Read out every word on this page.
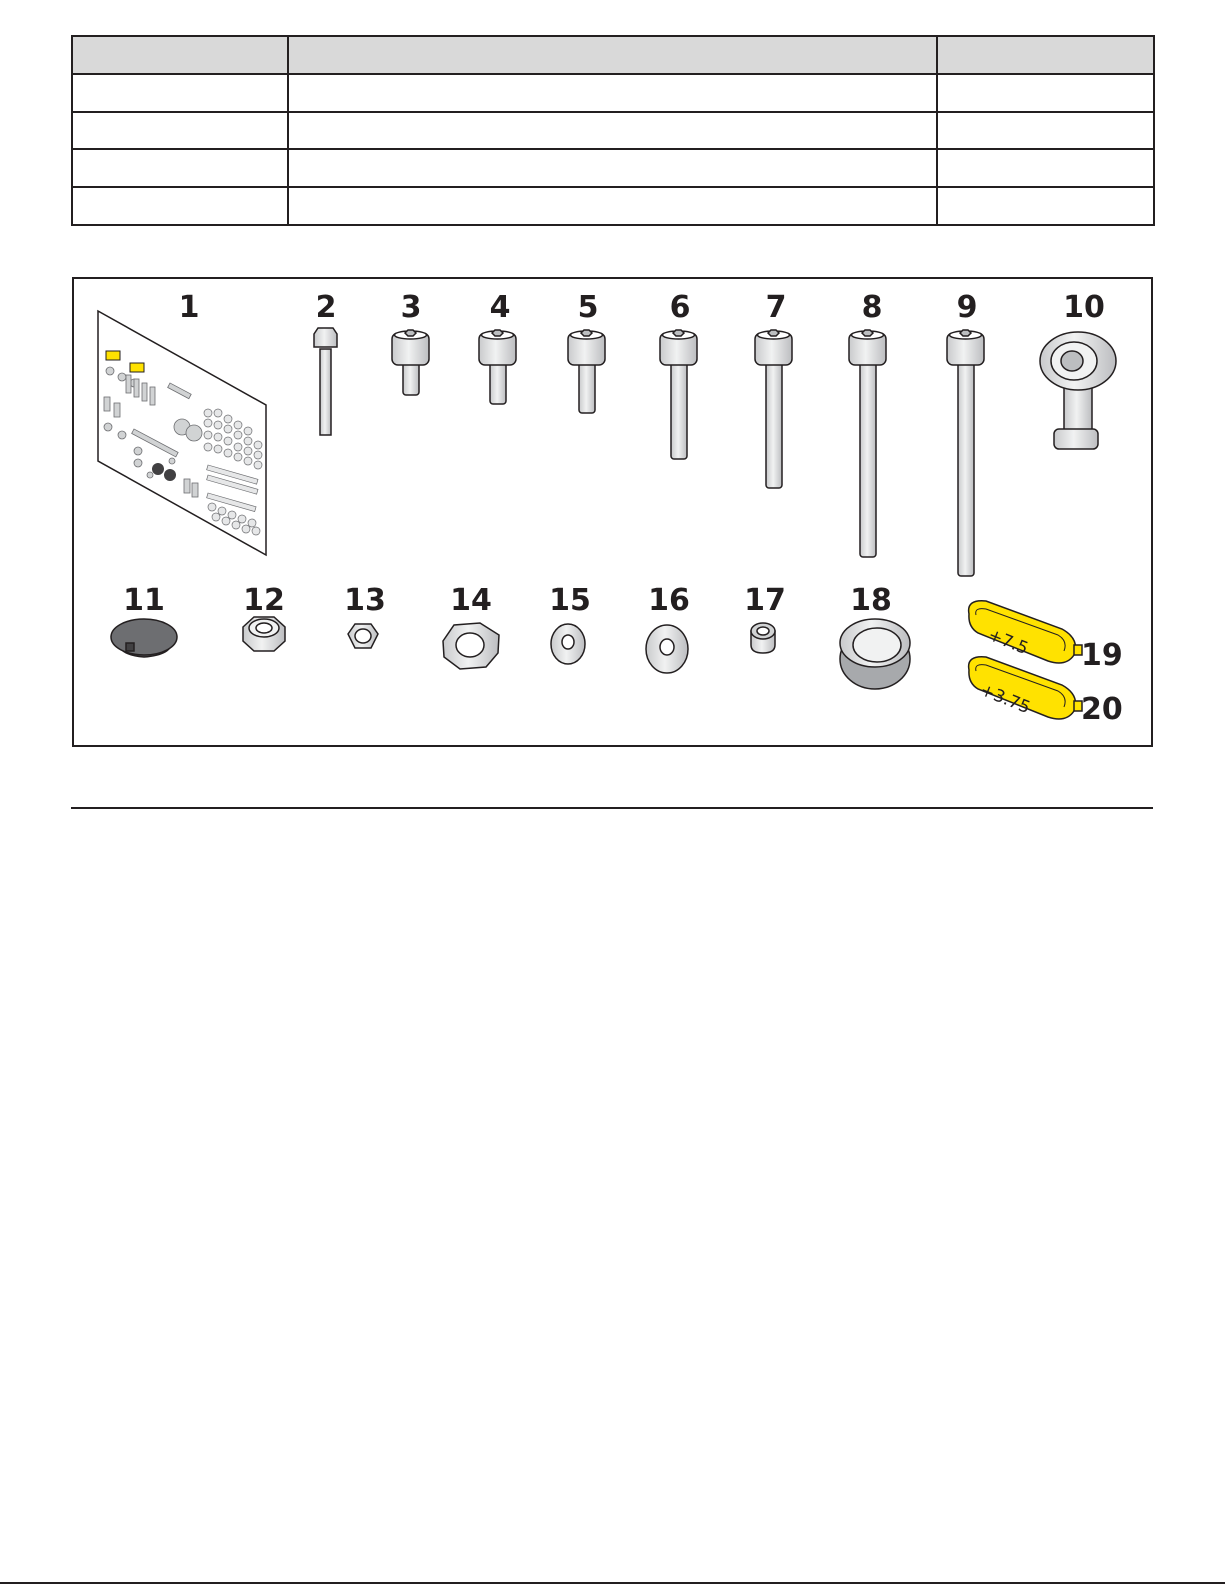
+7.5
+3.75
1	2 3 4 5 6	7	8 9	10
11	12 13 14 15 16 17 18
19
20
